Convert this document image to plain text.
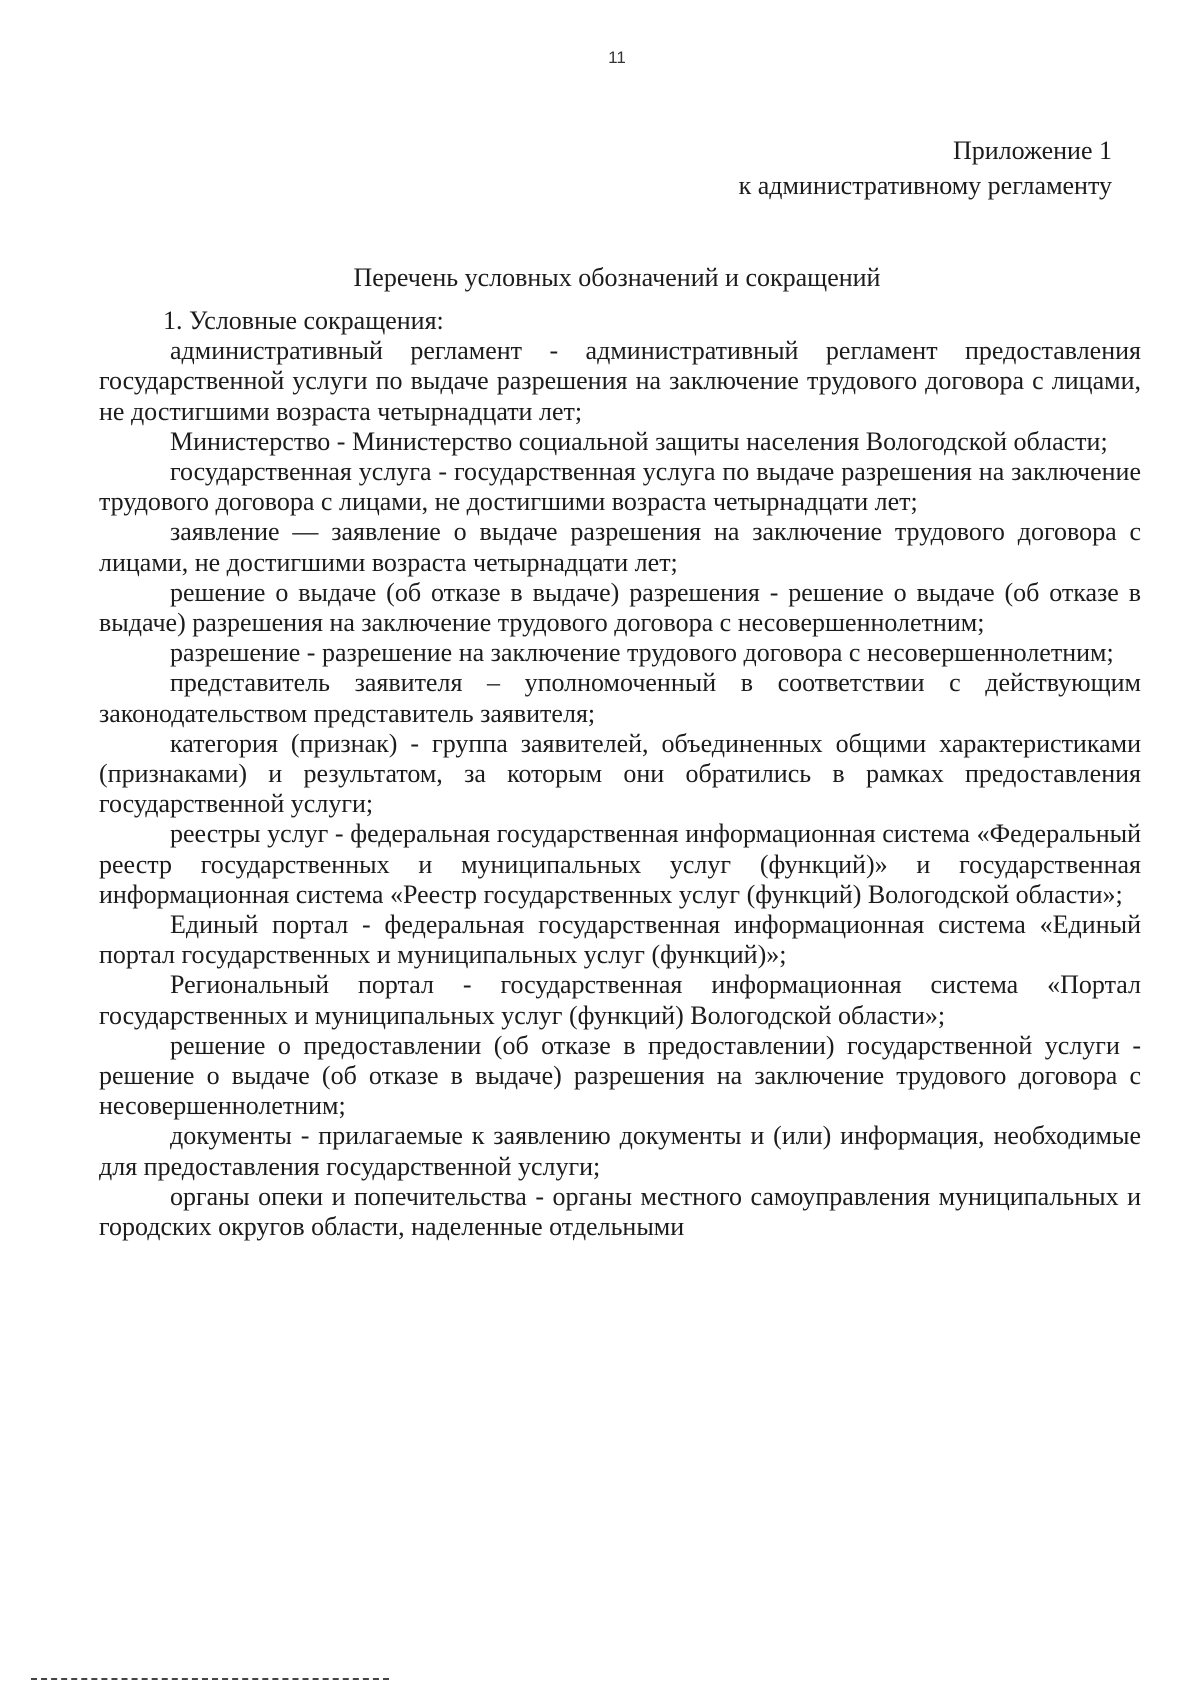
11
Приложение 1
к административному регламенту
Перечень условных обозначений и сокращений

1. Условные сокращения:

административный регламент - административный регламент предоставления государственной услуги по выдаче разрешения на заключение трудового договора с лицами, не достигшими возраста четырнадцати лет;

Министерство - Министерство социальной защиты населения Вологодской области;

государственная услуга - государственная услуга по выдаче разрешения на заключение трудового договора с лицами, не достигшими возраста четырнадцати лет;

заявление — заявление о выдаче разрешения на заключение трудового договора с лицами, не достигшими возраста четырнадцати лет;

решение о выдаче (об отказе в выдаче) разрешения - решение о выдаче (об отказе в выдаче) разрешения на заключение трудового договора с несовершеннолетним;

разрешение - разрешение на заключение трудового договора с несовершеннолетним;

представитель заявителя – уполномоченный в соответствии с действующим законодательством представитель заявителя;

категория (признак) - группа заявителей, объединенных общими характеристиками (признаками) и результатом, за которым они обратились в рамках предоставления государственной услуги;

реестры услуг - федеральная государственная информационная система «Федеральный реестр государственных и муниципальных услуг (функций)» и государственная информационная система «Реестр государственных услуг (функций) Вологодской области»;

Единый портал - федеральная государственная информационная система «Единый портал государственных и муниципальных услуг (функций)»;

Региональный портал - государственная информационная система «Портал государственных и муниципальных услуг (функций) Вологодской области»;

решение о предоставлении (об отказе в предоставлении) государственной услуги - решение о выдаче (об отказе в выдаче) разрешения на заключение трудового договора с несовершеннолетним;

документы - прилагаемые к заявлению документы и (или) информация, необходимые для предоставления государственной услуги;

органы опеки и попечительства - органы местного самоуправления муниципальных и городских округов области, наделенные отдельными
